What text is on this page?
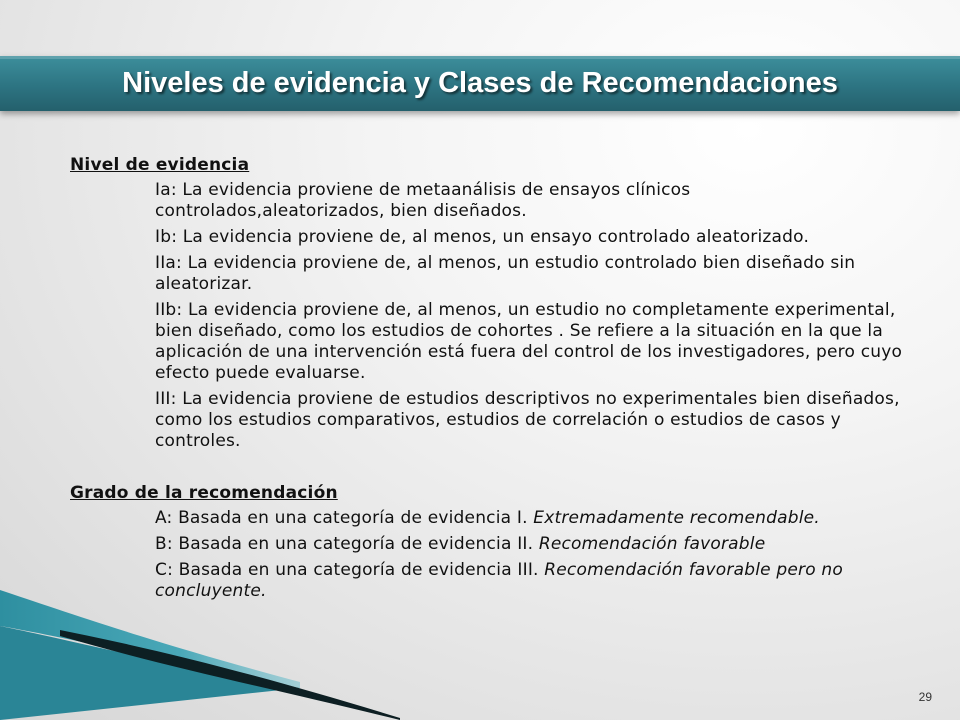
Niveles de evidencia y Clases de Recomendaciones

Nivel de evidencia

Ia: La evidencia proviene de metaanálisis de ensayos clínicos controlados,aleatorizados, bien diseñados.
Ib: La evidencia proviene de, al menos, un ensayo controlado aleatorizado.
IIa: La evidencia proviene de, al menos, un estudio controlado bien diseñado sin aleatorizar.
IIb: La evidencia proviene de, al menos, un estudio no completamente experimental, bien diseñado, como los estudios de cohortes . Se refiere a la situación en la que la aplicación de una intervención está fuera del control de los investigadores, pero cuyo efecto puede evaluarse.
III: La evidencia proviene de estudios descriptivos no experimentales bien diseñados, como los estudios comparativos, estudios de correlación o estudios de casos y controles.

Grado de la recomendación

A: Basada en una categoría de evidencia I. Extremadamente recomendable.
B: Basada en una categoría de evidencia II. Recomendación favorable
C: Basada en una categoría de evidencia III. Recomendación favorable pero no concluyente.
29
